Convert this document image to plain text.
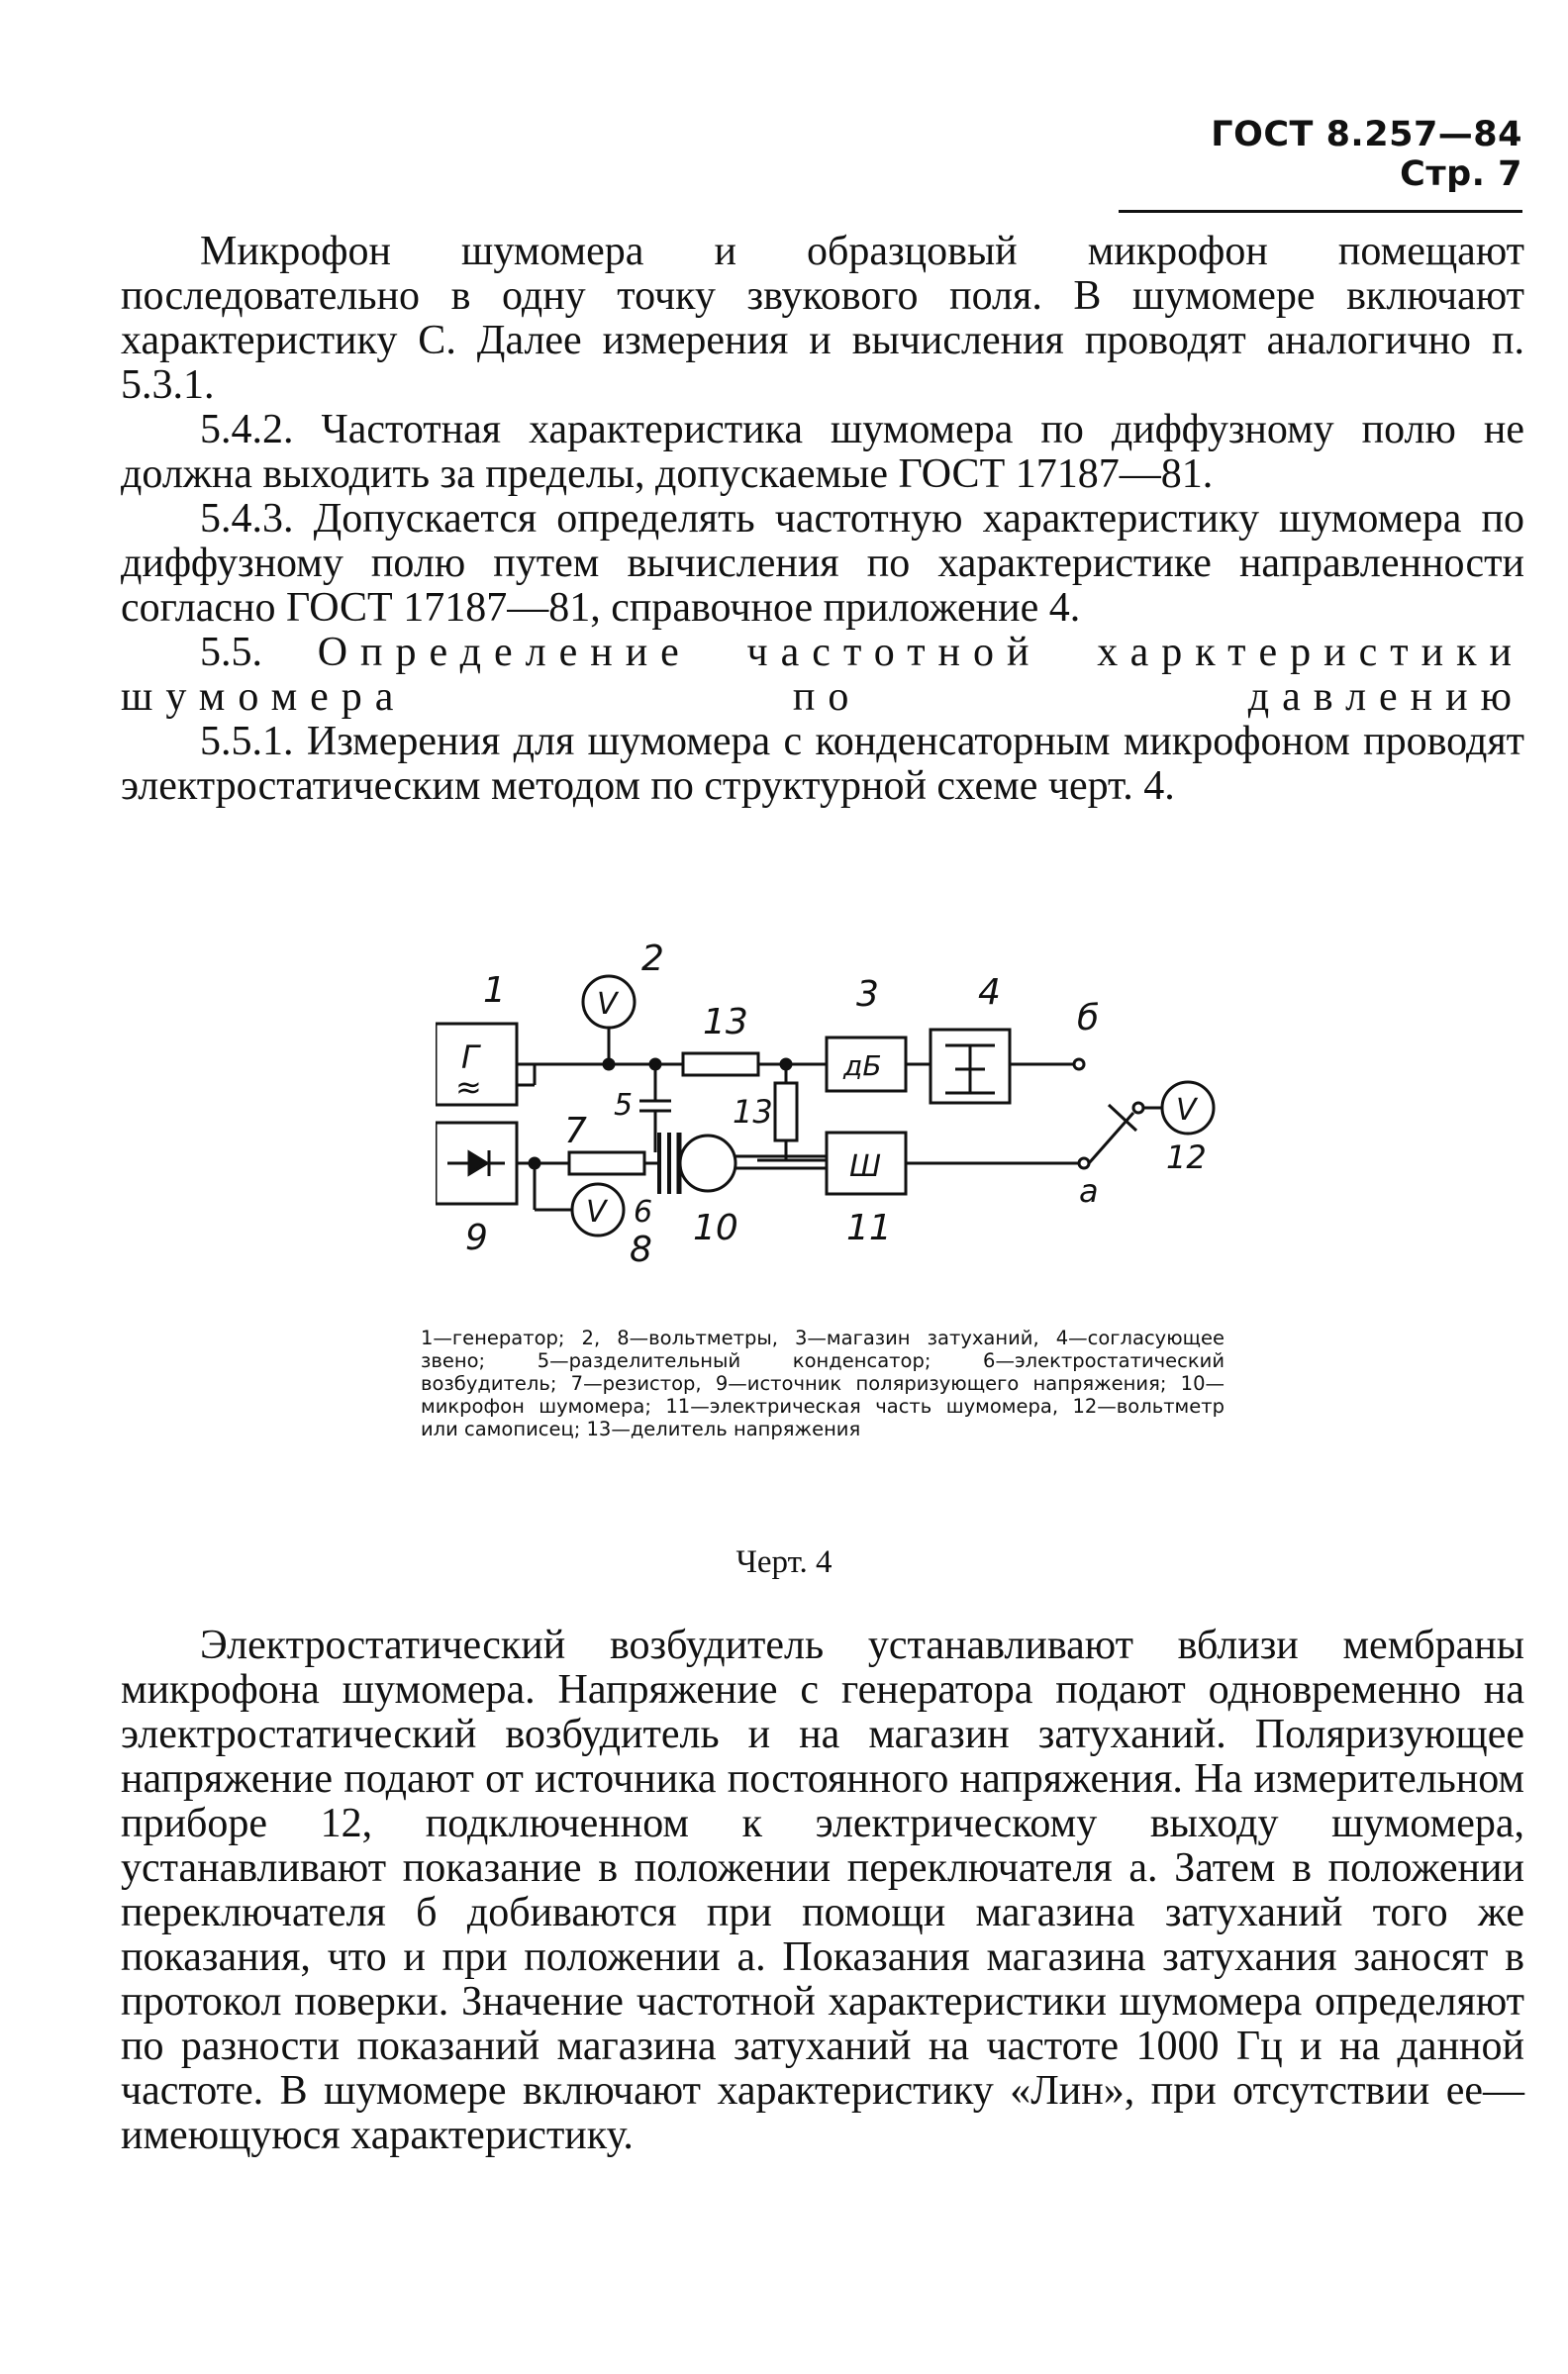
ГОСТ 8.257—84 Стр. 7

Микрофон шумомера и образцовый микрофон помещают последовательно в одну точку звукового поля. В шумомере включают характеристику С. Далее измерения и вычисления проводят аналогично п. 5.3.1.

5.4.2. Частотная характеристика шумомера по диффузному полю не должна выходить за пределы, допускаемые ГОСТ 17187—81.

5.4.3. Допускается определять частотную характеристику шумомера по диффузному полю путем вычисления по характеристике направленности согласно ГОСТ 17187—81, справочное приложение 4.

5.5. Определение частотной харктеристики шумомера по давлению

5.5.1. Измерения для шумомера с конденсаторным микрофоном проводят электростатическим методом по структурной схеме черт. 4.

Г
≈
1	V
2
13
дБ
3	4
б
5	13
9
7
6 10
Ш
11
а
V
12
V
8
1—генератор; 2, 8—вольтметры, 3—магазин затуханий, 4—согласующее звено; 5—разделительный конденсатор; 6—электростатический возбудитель; 7—резистор, 9—источник поляризующего напряжения; 10—микрофон шумомера; 11—электрическая часть шумомера, 12—вольтметр или самописец; 13—делитель напряжения
Черт. 4

Электростатический возбудитель устанавливают вблизи мембраны микрофона шумомера. Напряжение с генератора подают одновременно на электростатический возбудитель и на магазин затуханий. Поляризующее напряжение подают от источника постоянного напряжения. На измерительном приборе 12, подключенном к электрическому выходу шумомера, устанавливают показание в положении переключателя а. Затем в положении переключателя б добиваются при помощи магазина затуханий того же показания, что и при положении а. Показания магазина затухания заносят в протокол поверки. Значение частотной характеристики шумомера определяют по разности показаний магазина затуханий на частоте 1000 Гц и на данной частоте. В шумомере включают характеристику «Лин», при отсутствии ее— имеющуюся характеристику.
